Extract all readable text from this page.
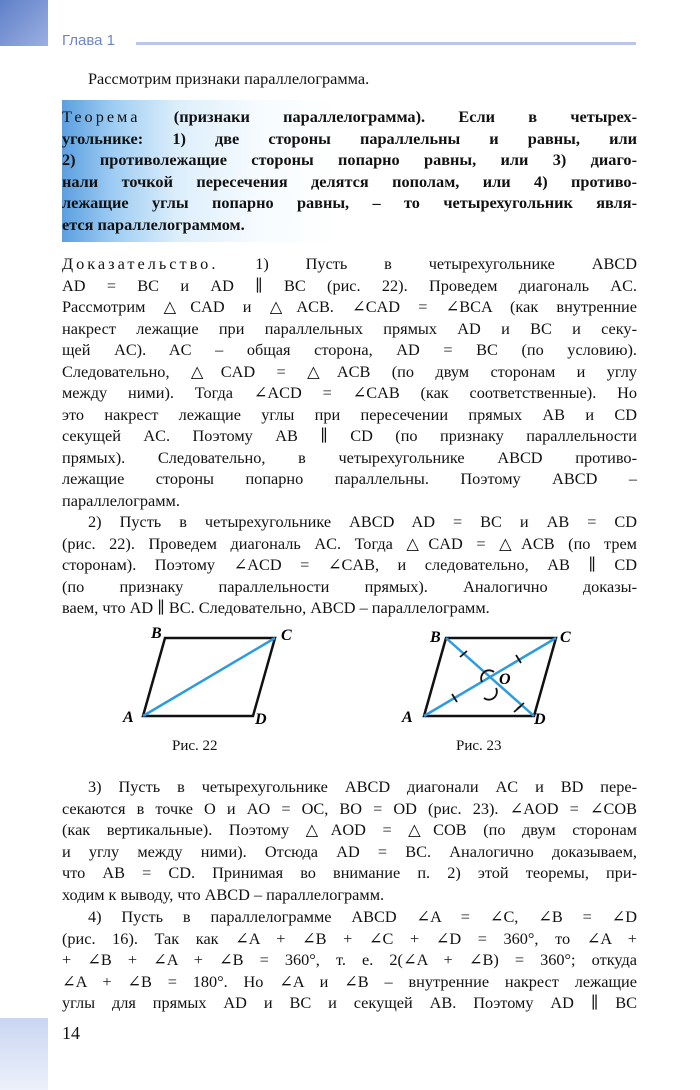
Глава 1

Рассмотрим признаки параллелограмма.

Теорема (признаки параллелограмма). Если в четырех-

угольнике: 1) две стороны параллельны и равны, или

2) противолежащие стороны попарно равны, или 3) диаго-

нали точкой пересечения делятся пополам, или 4) противо-

лежащие углы попарно равны, – то четырехугольник явля-

ется параллелограммом.

Доказательство. 1) Пусть в четырехугольнике ABCD

AD = BC и AD ∥ BC (рис. 22). Проведем диагональ AC.

Рассмотрим △CAD и △ACB. ∠CAD = ∠BCA (как внутренние

накрест лежащие при параллельных прямых AD и BC и секу-

щей AC). AC – общая сторона, AD = BC (по условию).

Следовательно, △CAD = △ACB (по двум сторонам и углу

между ними). Тогда ∠ACD = ∠CAB (как соответственные). Но

это накрест лежащие углы при пересечении прямых AB и CD

секущей AC. Поэтому AB ∥ CD (по признаку параллельности

прямых). Следовательно, в четырехугольнике ABCD противо-

лежащие стороны попарно параллельны. Поэтому ABCD –

параллелограмм.

2) Пусть в четырехугольнике ABCD AD = BC и AB = CD

(рис. 22). Проведем диагональ AC. Тогда △CAD = △ACB (по трем

сторонам). Поэтому ∠ACD = ∠CAB, и следовательно, AB ∥ CD

(по признаку параллельности прямых). Аналогично доказы-

ваем, что AD ∥ BC. Следовательно, ABCD – параллелограмм.

B	C
A	D
Рис. 22
O
B	C
A	D
Рис. 23

3) Пусть в четырехугольнике ABCD диагонали AC и BD пере-

секаются в точке O и AO = OC, BO = OD (рис. 23). ∠AOD = ∠COB

(как вертикальные). Поэтому △AOD = △COB (по двум сторонам

и углу между ними). Отсюда AD = BC. Аналогично доказываем,

что AB = CD. Принимая во внимание п. 2) этой теоремы, при-

ходим к выводу, что ABCD – параллелограмм.

4) Пусть в параллелограмме ABCD ∠A = ∠C, ∠B = ∠D

(рис. 16). Так как ∠A + ∠B + ∠C + ∠D = 360°, то ∠A +

+ ∠B + ∠A + ∠B = 360°, т. е. 2(∠A + ∠B) = 360°; откуда

∠A + ∠B = 180°. Но ∠A и ∠B – внутренние накрест лежащие

углы для прямых AD и BC и секущей AB. Поэтому AD ∥ BC

14
